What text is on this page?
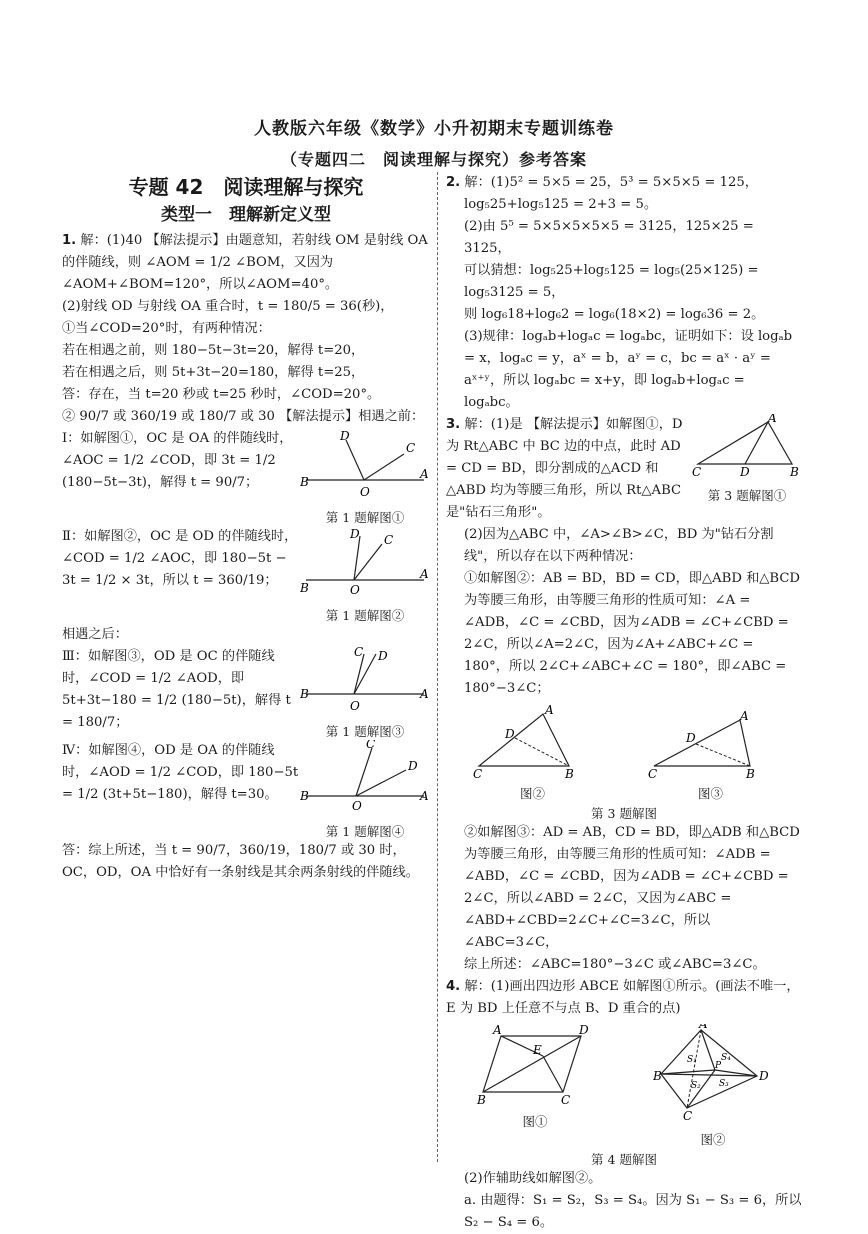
人教版六年级《数学》小升初期末专题训练卷
（专题四二　阅读理解与探究）参考答案
专题 42　阅读理解与探究
类型一　理解新定义型

1. 解：(1)40 【解法提示】由题意知，若射线 OM 是射线 OA 的伴随线，则 ∠AOM = 1/2 ∠BOM，又因为 ∠AOM+∠BOM=120°，所以∠AOM=40°。

(2)射线 OD 与射线 OA 重合时，t = 180/5 = 36(秒)，

①当∠COD=20°时，有两种情况：

若在相遇之前，则 180−5t−3t=20，解得 t=20，

若在相遇之后，则 5t+3t−20=180，解得 t=25，

答：存在，当 t=20 秒或 t=25 秒时，∠COD=20°。

② 90/7 或 360/19 或 180/7 或 30 【解法提示】相遇之前：

Ⅰ：如解图①，OC 是 OA 的伴随线时，∠AOC = 1/2 ∠COD，即 3t = 1/2 (180−5t−3t)，解得 t = 90/7；	B
O
A
D
C
第 1 题解图①

Ⅱ：如解图②，OC 是 OD 的伴随线时，∠COD = 1/2 ∠AOC，即 180−5t − 3t = 1/2 × 3t，所以 t = 360/19；	B	O
A
D C
第 1 题解图②

相遇之后：

Ⅲ：如解图③，OD 是 OC 的伴随线时，∠COD = 1/2 ∠AOD，即 5t+3t−180 = 1/2 (180−5t)，解得 t = 180/7；

B
O
A
C D
第 1 题解图③

Ⅳ：如解图④，OD 是 OA 的伴随线时，∠AOD = 1/2 ∠COD，即 180−5t = 1/2 (3t+5t−180)，解得 t=30。	B
O
A
C
D
第 1 题解图④

答：综上所述，当 t = 90/7，360/19，180/7 或 30 时，OC，OD，OA 中恰好有一条射线是其余两条射线的伴随线。

2. 解：(1)5² = 5×5 = 25，5³ = 5×5×5 = 125，

log₅25+log₅125 = 2+3 = 5。

(2)由 5⁵ = 5×5×5×5×5 = 3125，125×25 = 3125，

可以猜想：log₅25+log₅125 = log₅(25×125) = log₅3125 = 5，

则 log₆18+log₆2 = log₆(18×2) = log₆36 = 2。

(3)规律：logₐb+logₐc = logₐbc，证明如下：设 logₐb = x，logₐc = y，aˣ = b，aʸ = c，bc = aˣ · aʸ = aˣ⁺ʸ，所以 logₐbc = x+y，即 logₐb+logₐc = logₐbc。

3. 解：(1)是 【解法提示】如解图①，D 为 Rt△ABC 中 BC 边的中点，此时 AD = CD = BD，即分割成的△ACD 和△ABD 均为等腰三角形，所以 Rt△ABC 是"钻石三角形"。

A
C	D	B
第 3 题解图①

(2)因为△ABC 中，∠A>∠B>∠C，BD 为"钻石分割线"，所以存在以下两种情况：

①如解图②：AB = BD，BD = CD，即△ABD 和△BCD 为等腰三角形，由等腰三角形的性质可知：∠A = ∠ADB，∠C = ∠CBD，因为∠ADB = ∠C+∠CBD = 2∠C，所以∠A=2∠C，因为∠A+∠ABC+∠C = 180°，所以 2∠C+∠ABC+∠C = 180°，即∠ABC = 180°−3∠C；

A
D
C	B
图②
A
D
C	B
图③
第 3 题解图

②如解图③：AD = AB，CD = BD，即△ADB 和△BCD 为等腰三角形，由等腰三角形的性质可知：∠ADB = ∠ABD，∠C = ∠CBD，因为∠ADB = ∠C+∠CBD = 2∠C，所以∠ABD = 2∠C，又因为∠ABC = ∠ABD+∠CBD=2∠C+∠C=3∠C，所以∠ABC=3∠C，

综上所述：∠ABC=180°−3∠C 或∠ABC=3∠C。

4. 解：(1)画出四边形 ABCE 如解图①所示。(画法不唯一，E 为 BD 上任意不与点 B、D 重合的点)

A	D
E
B	C
图①
A
B	D
C
P
S₁	S₄
S₂ S₃
图②
第 4 题解图

(2)作辅助线如解图②。

a. 由题得：S₁ = S₂，S₃ = S₄。因为 S₁ − S₃ = 6，所以 S₂ − S₄ = 6。
